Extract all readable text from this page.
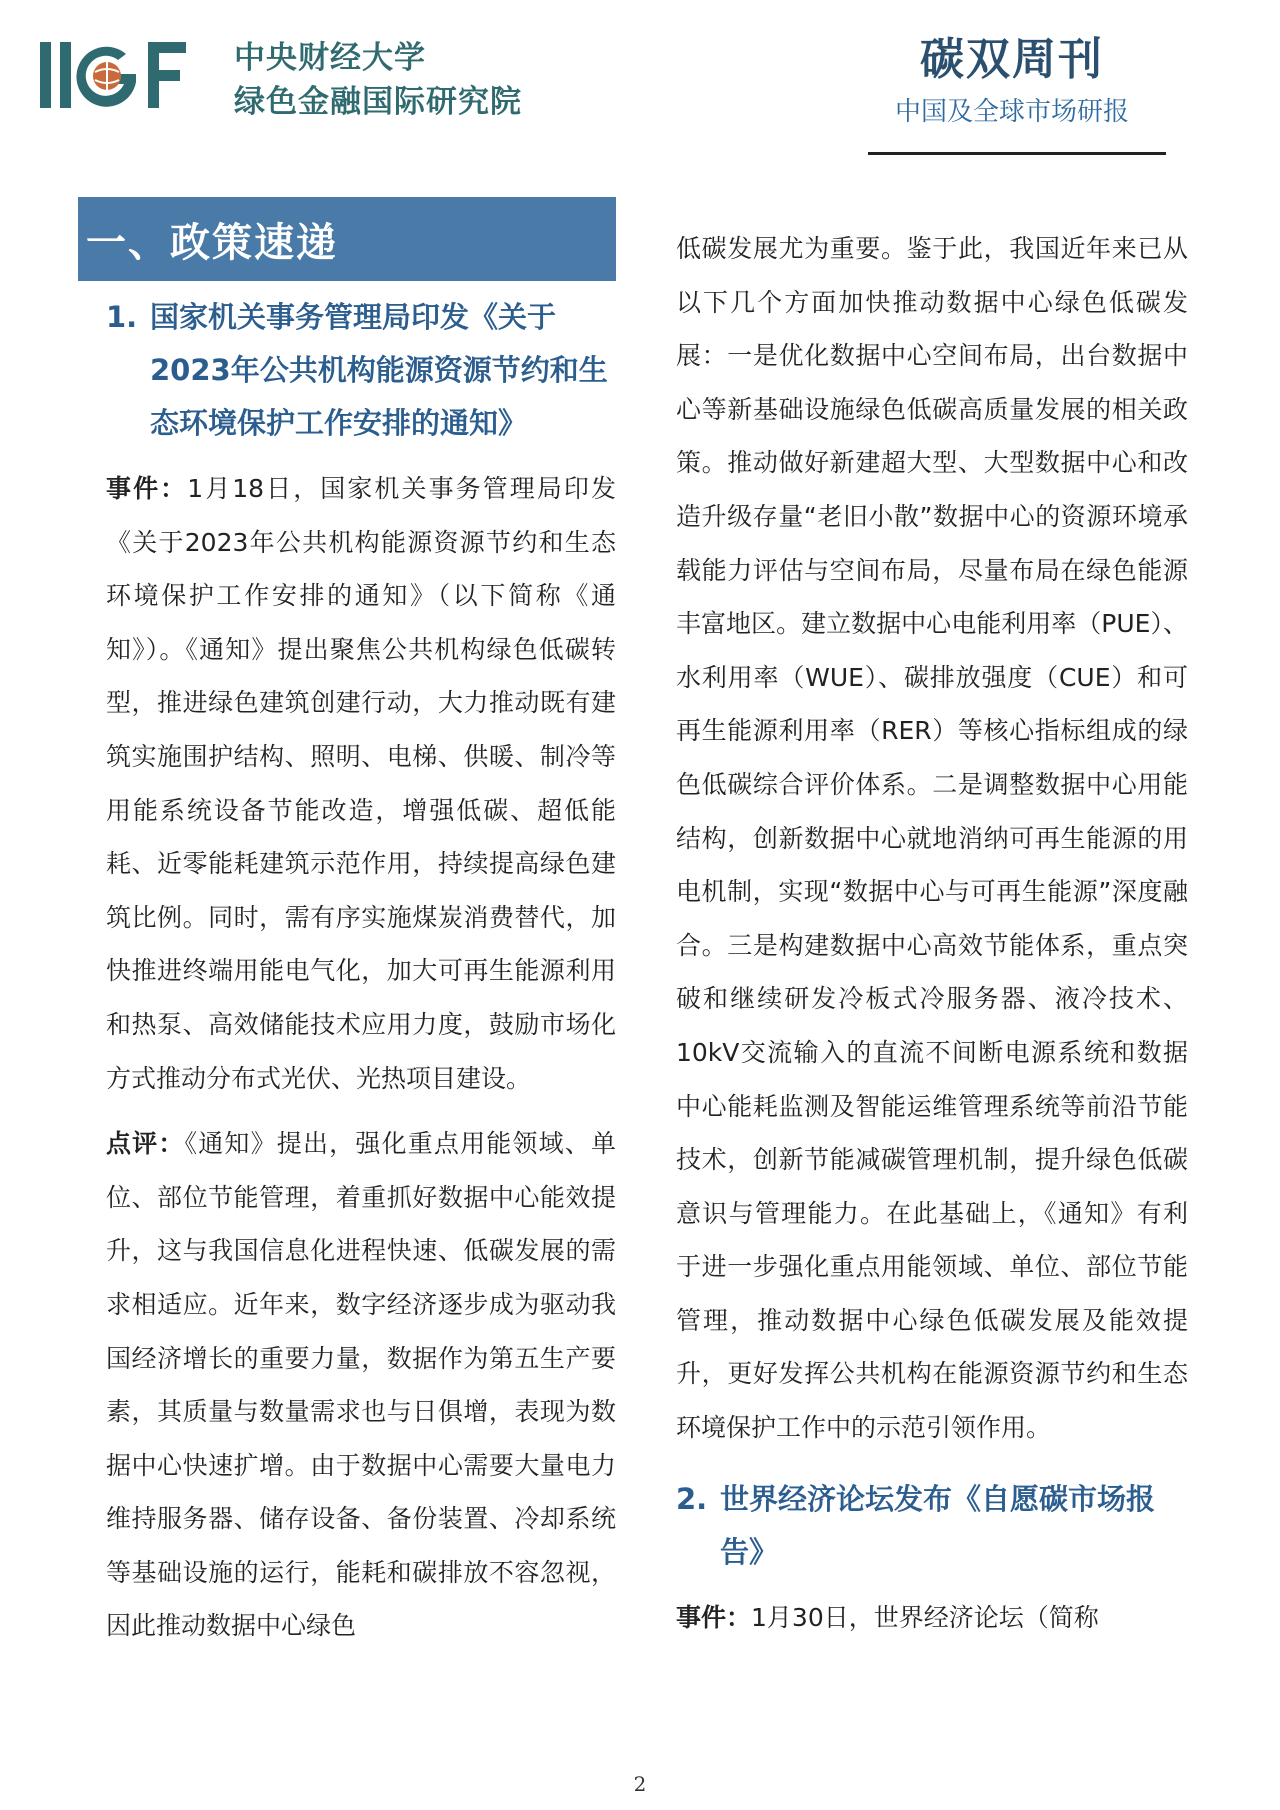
中央财经大学
绿色金融国际研究院
碳双周刊
中国及全球市场研报
一、政策速递
1. 国家机关事务管理局印发《关于2023年公共机构能源资源节约和生态环境保护工作安排的通知》
事件：1月18日，国家机关事务管理局印发《关于2023年公共机构能源资源节约和生态环境保护工作安排的通知》（以下简称《通知》）。《通知》提出聚焦公共机构绿色低碳转型，推进绿色建筑创建行动，大力推动既有建筑实施围护结构、照明、电梯、供暖、制冷等用能系统设备节能改造，增强低碳、超低能耗、近零能耗建筑示范作用，持续提高绿色建筑比例。同时，需有序实施煤炭消费替代，加快推进终端用能电气化，加大可再生能源利用和热泵、高效储能技术应用力度，鼓励市场化方式推动分布式光伏、光热项目建设。
点评：《通知》提出，强化重点用能领域、单位、部位节能管理，着重抓好数据中心能效提升，这与我国信息化进程快速、低碳发展的需求相适应。近年来，数字经济逐步成为驱动我国经济增长的重要力量，数据作为第五生产要素，其质量与数量需求也与日俱增，表现为数据中心快速扩增。由于数据中心需要大量电力维持服务器、储存设备、备份装置、冷却系统等基础设施的运行，能耗和碳排放不容忽视，因此推动数据中心绿色
低碳发展尤为重要。鉴于此，我国近年来已从以下几个方面加快推动数据中心绿色低碳发展：一是优化数据中心空间布局，出台数据中心等新基础设施绿色低碳高质量发展的相关政策。推动做好新建超大型、大型数据中心和改造升级存量“老旧小散”数据中心的资源环境承载能力评估与空间布局，尽量布局在绿色能源丰富地区。建立数据中心电能利用率（PUE）、水利用率（WUE）、碳排放强度（CUE）和可再生能源利用率（RER）等核心指标组成的绿色低碳综合评价体系。二是调整数据中心用能结构，创新数据中心就地消纳可再生能源的用电机制，实现“数据中心与可再生能源”深度融合。三是构建数据中心高效节能体系，重点突破和继续研发冷板式冷服务器、液冷技术、10kV交流输入的直流不间断电源系统和数据中心能耗监测及智能运维管理系统等前沿节能技术，创新节能减碳管理机制，提升绿色低碳意识与管理能力。在此基础上，《通知》有利于进一步强化重点用能领域、单位、部位节能管理，推动数据中心绿色低碳发展及能效提升，更好发挥公共机构在能源资源节约和生态环境保护工作中的示范引领作用。
2. 世界经济论坛发布《自愿碳市场报告》
事件：1月30日，世界经济论坛（简称
2
